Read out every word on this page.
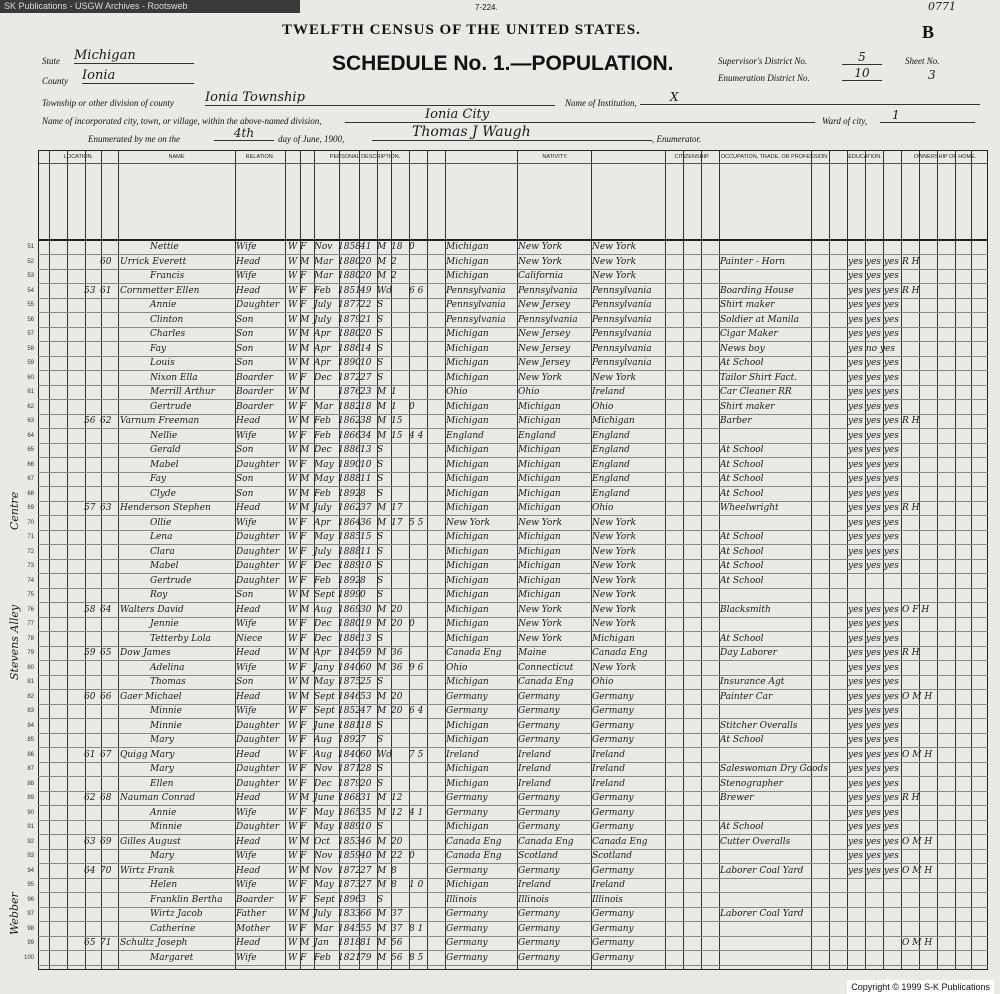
SK Publications - USGW Archives - Rootsweb	7-224.	0771
TWELFTH CENSUS OF THE UNITED STATES.	B
SCHEDULE No. 1.—POPULATION.
State Michigan
County Ionia
Supervisor's District No.	5
Enumeration District No.	10
Sheet No.
3
Township or other division of county Ionia Township	Name of Institution,	X
Name of incorporated city, town, or village, within the above-named division,	Ionia City	Ward of city,	1
Enumerated by me on the	4th	day of June, 1900,	Thomas J Waugh	, Enumerator.
LOCATION.	NAME	RELATION.	PERSONAL DESCRIPTION.	NATIVITY.	CITIZENSHIP.	OCCUPATION, TRADE, OR PROFESSION	EDUCATION.	OWNERSHIP OF HOME.
Centre
Stevens Alley
Webber
51	Nettie	Wife	W F Nov 1858 41 M 18 0	Michigan	New York	New York
52	60 Urrick Everett	Head	W M Mar 1880 20 M 2	Michigan	New York	New York	Painter - Horn	yes yes yes R H
53	Francis	Wife	W F Mar 1880 20 M 2	Michigan	California	New York	yes yes yes
54	53 61 Cornmetter Ellen	Head	W F Feb 1851 49 Wd 6 6	Pennsylvania	Pennsylvania	Pennsylvania	Boarding House	yes yes yes R H
55	Annie	Daughter W F July 1877 22 S	Pennsylvania	New Jersey	Pennsylvania	Shirt maker	yes yes yes
56	Clinton	Son	W M July 1879 21 S	Pennsylvania	Pennsylvania	Pennsylvania	Soldier at Manila	yes yes yes
57	Charles	Son	W M Apr 1880 20 S	Michigan	New Jersey	Pennsylvania	Cigar Maker	yes yes yes
58	Fay	Son	W M Apr 1886 14 S	Michigan	New Jersey	Pennsylvania	News boy	yes no yes
59	Louis	Son	W M Apr 1890 10 S	Michigan	New Jersey	Pennsylvania	At School	yes yes yes
60	Nixon Ella	Boarder	W F Dec 1872 27 S	Michigan	New York	New York	Tailor Shirt Fact.	yes yes yes
61	Merrill Arthur	Boarder	W M	1876 23 M 1	Ohio	Ohio	Ireland	Car Cleaner RR	yes yes yes
62	Gertrude	Boarder	W F Mar 1882 18 M 1	0	Michigan	Michigan	Ohio	Shirt maker	yes yes yes
63	56 62 Varnum Freeman	Head	W M Feb 1862 38 M 15	Michigan	Michigan	Michigan	Barber	yes yes yes R H
64	Nellie	Wife	W F Feb 1866 34 M 15 4 4	England	England	England	yes yes yes
65	Gerald	Son	W M Dec 1886 13 S	Michigan	Michigan	England	At School	yes yes yes
66	Mabel	Daughter W F May 1890 10 S	Michigan	Michigan	England	At School	yes yes yes
67	Fay	Son	W M May 1888 11 S	Michigan	Michigan	England	At School	yes yes yes
68	Clyde	Son	W M Feb 1892 8	S	Michigan	Michigan	England	At School	yes yes yes
69	57 63 Henderson Stephen	Head	W M July 1862 37 M 17	Michigan	Michigan	Ohio	Wheelwright	yes yes yes R H
70	Ollie	Wife	W F Apr 1864 36 M 17 5 5	New York	New York	New York	yes yes yes
71	Lena	Daughter W F May 1885 15 S	Michigan	Michigan	New York	At School	yes yes yes
72	Clara	Daughter W F July 1888 11 S	Michigan	Michigan	New York	At School	yes yes yes
73	Mabel	Daughter W F Dec 1889 10 S	Michigan	Michigan	New York	At School	yes yes yes
74	Gertrude	Daughter W F Feb 1892 8	S	Michigan	Michigan	New York	At School
75	Roy	Son	W M Sept 1899 0	S	Michigan	Michigan	New York
76	58 64 Walters David	Head	W M Aug 1869 30 M 20	Michigan	New York	New York	Blacksmith	yes yes yes O F H
77	Jennie	Wife	W F Dec 1880 19 M 20 0	Michigan	New York	New York	yes yes yes
78	Tetterby Lola	Niece	W F Dec 1886 13 S	Michigan	New York	Michigan	At School	yes yes yes
79	59 65 Dow James	Head	W M Apr 1840 59 M 36	Canada Eng	Maine	Canada Eng	Day Laborer	yes yes yes R H
80	Adelina	Wife	W F Jany 1840 60 M 36 9 6	Ohio	Connecticut	New York	yes yes yes
81	Thomas	Son	W M May 1875 25 S	Michigan	Canada Eng	Ohio	Insurance Agt	yes yes yes
82	60 66 Gaer Michael	Head	W M Sept 1846 53 M 20	Germany	Germany	Germany	Painter Car	yes yes yes O M H
83	Minnie	Wife	W F Sept 1852 47 M 20 6 4	Germany	Germany	Germany	yes yes yes
84	Minnie	Daughter W F June 1881 18 S	Michigan	Germany	Germany	Stitcher Overalls	yes yes yes
85	Mary	Daughter W F Aug 1892 7	S	Michigan	Germany	Germany	At School	yes yes yes
86	61 67 Quigg Mary	Head	W F Aug 1840 60 Wd 7 5	Ireland	Ireland	Ireland	yes yes yes O M H
87	Mary	Daughter W F Nov 1871 28 S	Michigan	Ireland	Ireland	Saleswoman Dry Goods yes yes yes
88	Ellen	Daughter W F Dec 1879 20 S	Michigan	Ireland	Ireland	Stenographer	yes yes yes
89	62 68 Nauman Conrad	Head	W M June 1868 31 M 12	Germany	Germany	Germany	Brewer	yes yes yes R H
90	Annie	Wife	W F May 1865 35 M 12 4 1	Germany	Germany	Germany	yes yes yes
91	Minnie	Daughter W F May 1889 10 S	Michigan	Germany	Germany	At School	yes yes yes
92	63 69 Gilles August	Head	W M Oct 1853 46 M 20	Canada Eng	Canada Eng	Canada Eng	Cutter Overalls	yes yes yes O M H
93	Mary	Wife	W F Nov 1859 40 M 22 0	Canada Eng	Scotland	Scotland	yes yes yes
94	64 70 Wirtz Frank	Head	W M Nov 1872 27 M 8	Germany	Germany	Germany	Laborer Coal Yard	yes yes yes O M H
95	Helen	Wife	W F May 1873 27 M 8	1 0	Michigan	Ireland	Ireland
96	Franklin Bertha	Boarder	W F Sept 1896 3	S	Illinois	Illinois	Illinois
97	Wirtz Jacob	Father	W M July 1833 66 M 37	Germany	Germany	Germany	Laborer Coal Yard
98	Catherine	Mother	W F Mar 1845 55 M 37 8 1	Germany	Germany	Germany
99	65 71 Schultz Joseph	Head	W M Jan	1818 81 M 56	Germany	Germany	Germany	O M H
100	Margaret	Wife	W F Feb 1821 79 M 56 8 5	Germany	Germany	Germany
Copyright © 1999 S-K Publications
